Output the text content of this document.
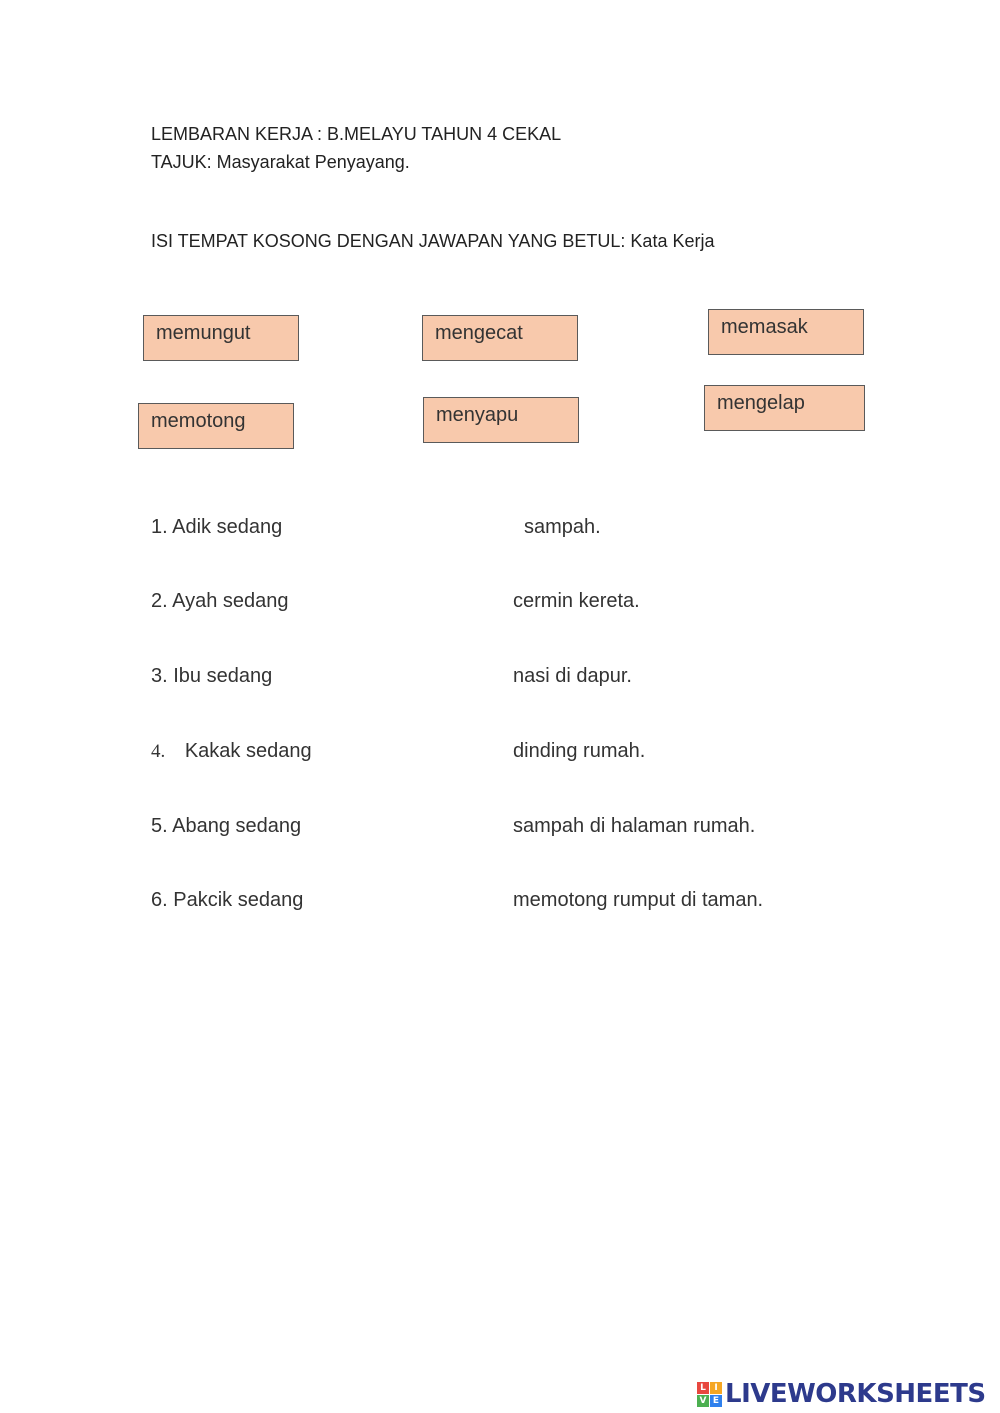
LEMBARAN KERJA : B.MELAYU TAHUN 4 CEKAL
TAJUK: Masyarakat Penyayang.
ISI TEMPAT KOSONG DENGAN JAWAPAN YANG BETUL: Kata Kerja
memungut	mengecat	memasak
memotong	menyapu
mengelap
1. Adik sedang	sampah.
2. Ayah sedang	cermin kereta.
3. Ibu sedang	nasi di dapur.
4. Kakak sedang	dinding rumah.
5. Abang sedang	sampah di halaman rumah.
6. Pakcik sedang	memotong rumput di taman.
L I
V E LIVEWORKSHEETS
